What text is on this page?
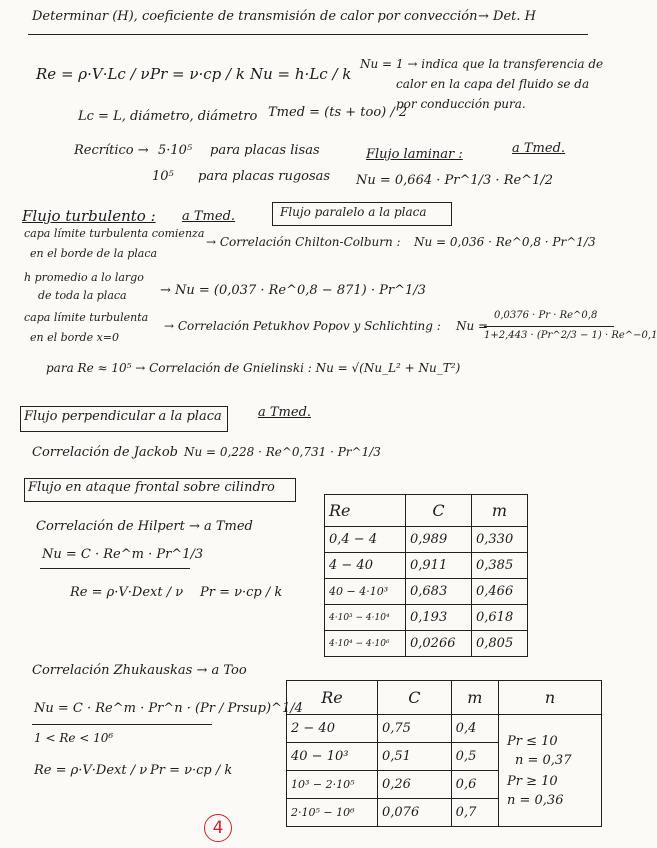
Determinar (H), coeficiente de transmisión de calor por convección → Det. H
Re = ρ·V·Lc / ν Pr = ν·cp / k Nu = h·Lc / k
Nu = 1 → indica que la transferencia de
calor en la capa del fluido se da
por conducción pura.
Lc = L, diámetro, diámetro Tmed = (ts + too) / 2
Recrítico → 5·10⁵ para placas lisas
10⁵ para placas rugosas
Flujo laminar :	a Tmed.
Nu = 0,664 · Pr^1/3 · Re^1/2
Flujo turbulento : a Tmed.	Flujo paralelo a la placa
capa límite turbulenta comienza
en el borde de la placa
→ Correlación Chilton-Colburn : Nu = 0,036 · Re^0,8 · Pr^1/3
h promedio a lo largo
de toda la placa	→ Nu = (0,037 · Re^0,8 − 871) · Pr^1/3
capa límite turbulenta
en el borde x=0
→ Correlación Petukhov Popov y Schlichting : Nu =
0,0376 · Pr · Re^0,8
1+2,443 · (Pr^2/3 − 1) · Re^−0,1
para Re ≈ 10⁵ → Correlación de Gnielinski : Nu = √(Nu_L² + Nu_T²)
Flujo perpendicular a la placa	a Tmed.
Correlación de Jackob Nu = 0,228 · Re^0,731 · Pr^1/3
Flujo en ataque frontal sobre cilindro
Correlación de Hilpert → a Tmed
Nu = C · Re^m · Pr^1/3
Re = ρ·V·Dext / ν Pr = ν·cp / k
Re	C	m
0,4 − 4	0,989	0,330
4 − 40	0,911	0,385
40 − 4·10³	0,683	0,466
4·10³ − 4·10⁴	0,193	0,618
4·10⁴ − 4·10⁶	0,0266	0,805
Correlación Zhukauskas → a Too
Nu = C · Re^m · Pr^n · (Pr / Prsup)^1/4
1 < Re < 10⁶
Re = ρ·V·Dext / ν Pr = ν·cp / k
Re	C	m	n
2 − 40	0,75	0,4	Pr ≤ 10
n = 0,37
Pr ≥ 10
n = 0,36

40 − 10³	0,51	0,5	
10³ − 2·10⁵	0,26	0,6	
2·10⁵ − 10⁶	0,076	0,7	
4
